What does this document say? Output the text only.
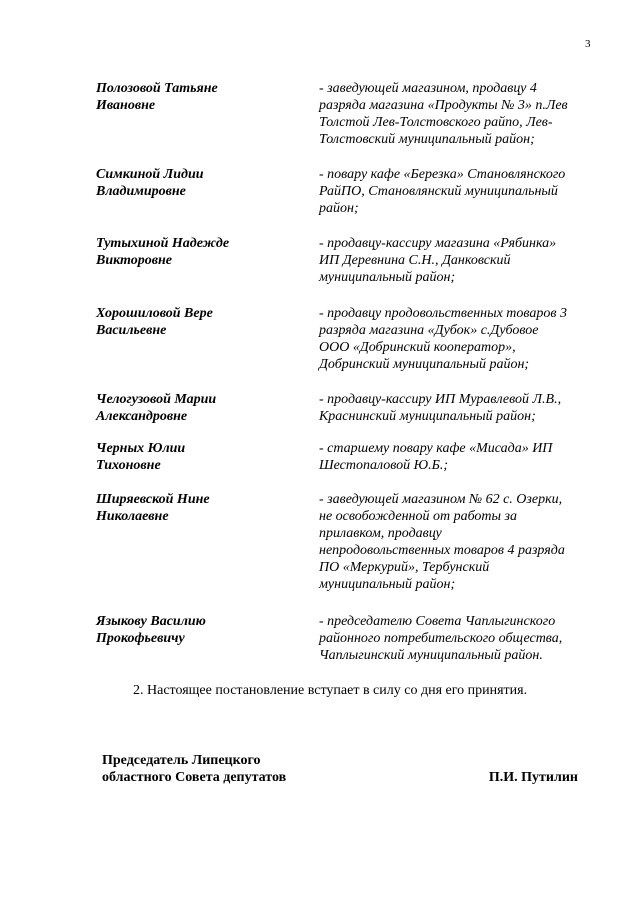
3
Полозовой Татьяне
Ивановне
- заведующей магазином, продавцу 4
разряда магазина «Продукты № 3» п.Лев
Толстой Лев-Толстовского райпо, Лев-
Толстовский муниципальный район;
Симкиной Лидии
Владимировне
- повару кафе «Березка» Становлянского
РайПО, Становлянский муниципальный
район;
Тутыхиной Надежде
Викторовне
- продавцу-кассиру магазина «Рябинка»
ИП Деревнина С.Н., Данковский
муниципальный район;
Хорошиловой Вере
Васильевне
- продавцу продовольственных товаров 3
разряда магазина «Дубок» с.Дубовое
ООО «Добринский кооператор»,
Добринский муниципальный район;
Челогузовой Марии
Александровне
- продавцу-кассиру ИП Муравлевой Л.В.,
Краснинский муниципальный район;
Черных Юлии
Тихоновне
- старшему повару кафе «Мисада» ИП
Шестопаловой Ю.Б.;
Ширяевской Нине
Николаевне
- заведующей магазином № 62 с. Озерки,
не освобожденной от работы за
прилавком, продавцу
непродовольственных товаров 4 разряда
ПО «Меркурий», Тербунский
муниципальный район;
Языкову Василию
Прокофьевичу
- председателю Совета Чаплыгинского
районного потребительского общества,
Чаплыгинский муниципальный район.
2. Настоящее постановление вступает в силу со дня его принятия.
Председатель Липецкого
областного Совета депутатов	П.И. Путилин
